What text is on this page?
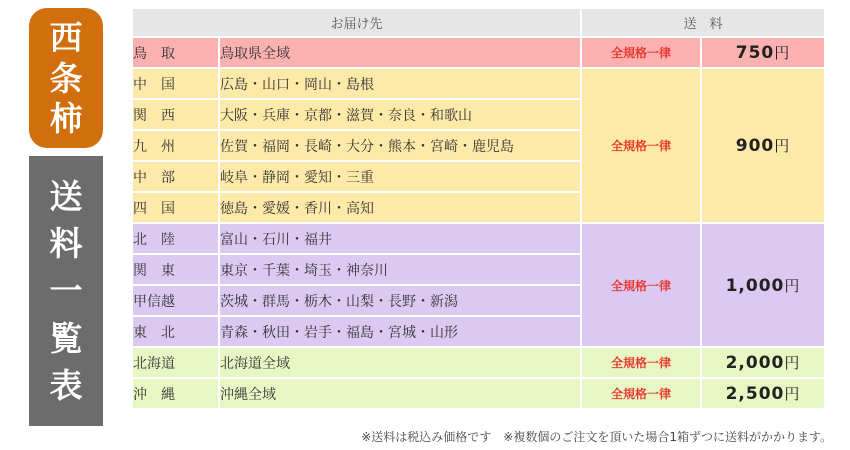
西
条
柿
送
料
一
覧
表
お届け先		送　料	
鳥　取	鳥取県全域	全規格一律	750円
中　国	広島・山口・岡山・島根	全規格一律	900円
関　西	大阪・兵庫・京都・滋賀・奈良・和歌山		
九　州	佐賀・福岡・長崎・大分・熊本・宮崎・鹿児島		
中　部	岐阜・静岡・愛知・三重		
四　国	徳島・愛媛・香川・高知		
北　陸	富山・石川・福井	全規格一律	1,000円
関　東	東京・千葉・埼玉・神奈川		
甲信越	茨城・群馬・栃木・山梨・長野・新潟		
東　北	青森・秋田・岩手・福島・宮城・山形		
北海道	北海道全域	全規格一律	2,000円
沖　縄	沖縄全域	全規格一律	2,500円
※送料は税込み価格です　※複数個のご注文を頂いた場合1箱ずつに送料がかかります。
